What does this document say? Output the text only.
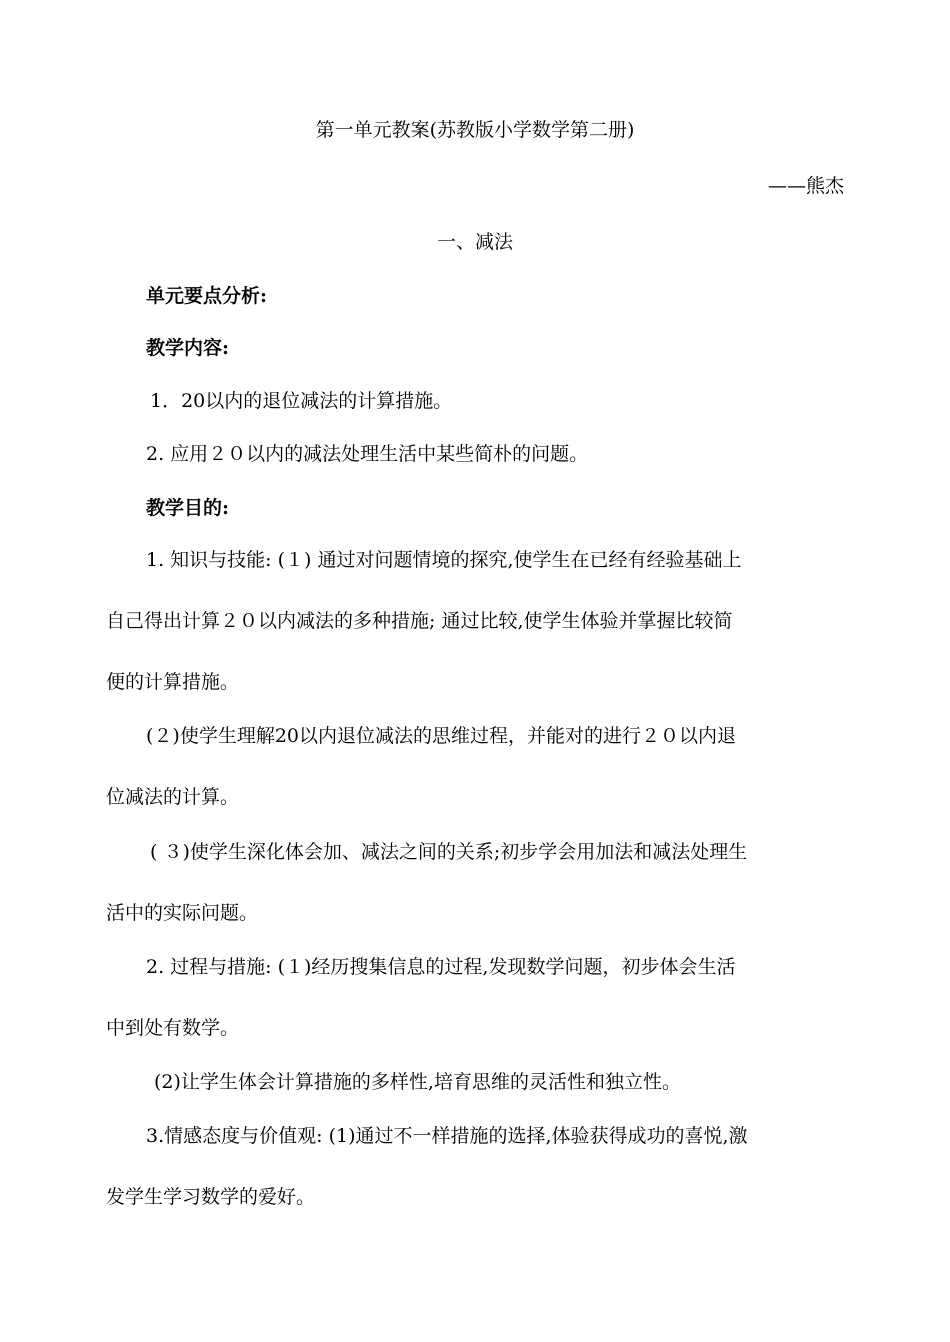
第一单元教案(苏教版小学数学第二册)
——熊杰
一、减法
单元要点分析:
教学内容:
1．20以内的退位减法的计算措施。
2. 应用２０以内的减法处理生活中某些简朴的问题。
教学目的:
1. 知识与技能: (１) 通过对问题情境的探究,使学生在已经有经验基础上
自己得出计算２０以内减法的多种措施; 通过比较,使学生体验并掌握比较简
便的计算措施。
(２)使学生理解20以内退位减法的思维过程，并能对的进行２０以内退
位减法的计算。
( ３)使学生深化体会加、减法之间的关系;初步学会用加法和减法处理生
活中的实际问题。
2. 过程与措施: (１)经历搜集信息的过程,发现数学问题，初步体会生活
中到处有数学。
(2)让学生体会计算措施的多样性,培育思维的灵活性和独立性。
3.情感态度与价值观: (1)通过不一样措施的选择,体验获得成功的喜悦,激
发学生学习数学的爱好。
